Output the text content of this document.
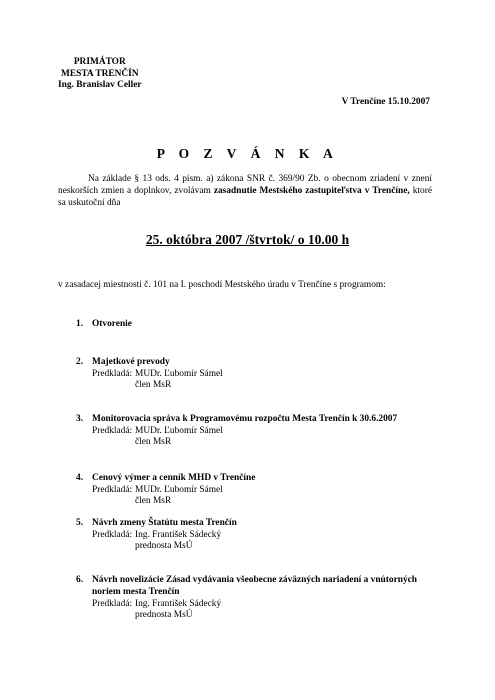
PRIMÁTOR
MESTA TRENČÍN
Ing. Branislav Celler
V Trenčíne 15.10.2007
P O Z V Á N K A
Na základe § 13 ods. 4 písm. a) zákona SNR č. 369/90 Zb. o obecnom zriadení v znení neskorších zmien a doplnkov, zvolávam zasadnutie Mestského zastupiteľstva v Trenčíne, ktoré sa uskutoční dňa
25. októbra 2007 /štvrtok/ o 10.00 h
v zasadacej miestnosti č. 101 na I. poschodí Mestského úradu v Trenčíne s programom:
1. Otvorenie
2. Majetkové prevody
Predkladá: MUDr. Ľubomír Sámel
člen MsR
3. Monitorovacia správa k Programovému rozpočtu Mesta Trenčín k 30.6.2007
Predkladá: MUDr. Ľubomír Sámel
člen MsR
4. Cenový výmer a cenník MHD v Trenčíne
Predkladá: MUDr. Ľubomír Sámel
člen MsR
5. Návrh zmeny Štatútu mesta Trenčín
Predkladá: Ing. František Sádecký
prednosta MsÚ
6. Návrh novelizácie Zásad vydávania všeobecne záväzných nariadení a vnútorných noriem mesta Trenčín
Predkladá: Ing. František Sádecký
prednosta MsÚ
